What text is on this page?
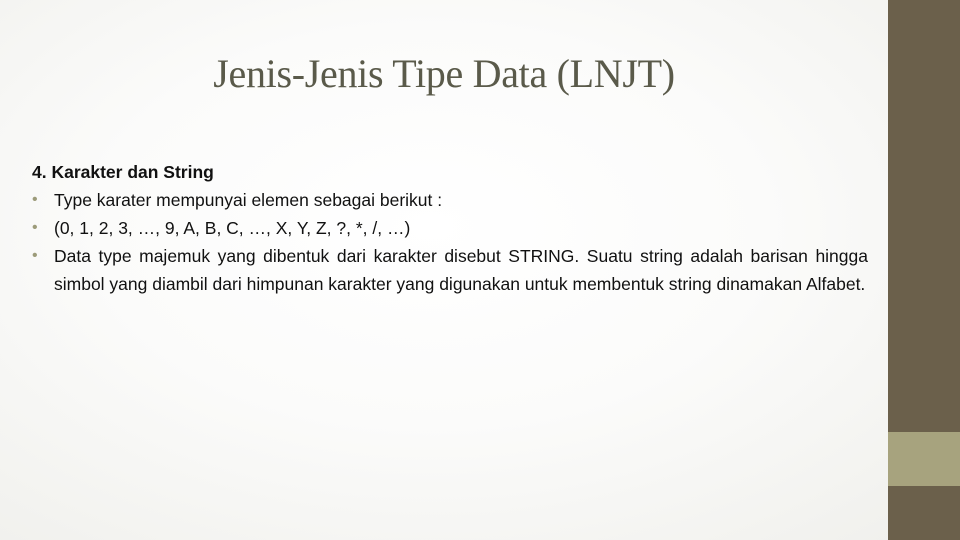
Jenis-Jenis Tipe Data (LNJT)

4. Karakter dan String

• Type karater mempunyai elemen sebagai berikut :
• (0, 1, 2, 3, …, 9, A, B, C, …, X, Y, Z, ?, *, /, …)
• Data type majemuk yang dibentuk dari karakter disebut STRING. Suatu string adalah barisan hingga simbol yang diambil dari himpunan karakter yang digunakan untuk membentuk string dinamakan Alfabet.
